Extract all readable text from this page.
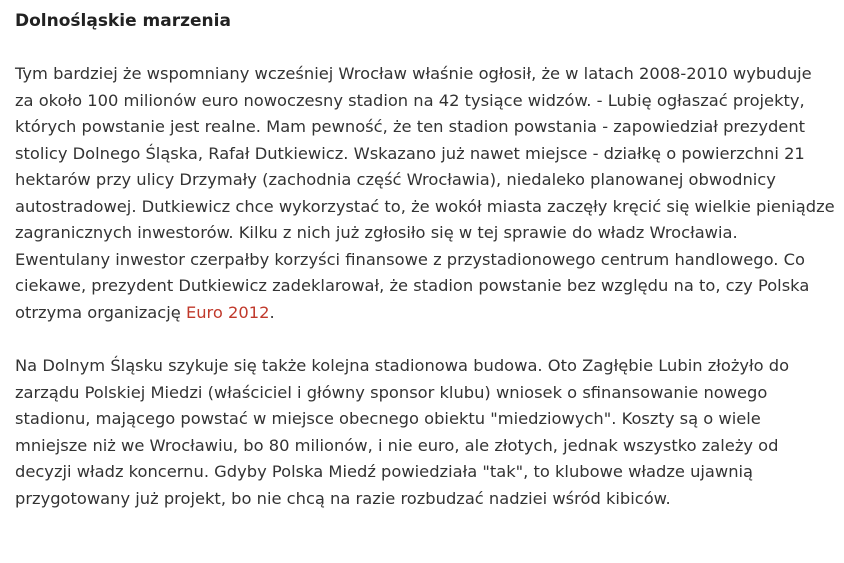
Dolnośląskie marzenia

Tym bardziej że wspomniany wcześniej Wrocław właśnie ogłosił, że w latach 2008-2010 wybuduje
za około 100 milionów euro nowoczesny stadion na 42 tysiące widzów. - Lubię ogłaszać projekty,
których powstanie jest realne. Mam pewność, że ten stadion powstania - zapowiedział prezydent
stolicy Dolnego Śląska, Rafał Dutkiewicz. Wskazano już nawet miejsce - działkę o powierzchni 21
hektarów przy ulicy Drzymały (zachodnia część Wrocławia), niedaleko planowanej obwodnicy
autostradowej. Dutkiewicz chce wykorzystać to, że wokół miasta zaczęły kręcić się wielkie pieniądze
zagranicznych inwestorów. Kilku z nich już zgłosiło się w tej sprawie do władz Wrocławia.
Ewentulany inwestor czerpałby korzyści finansowe z przystadionowego centrum handlowego. Co
ciekawe, prezydent Dutkiewicz zadeklarował, że stadion powstanie bez względu na to, czy Polska
otrzyma organizację Euro 2012.

Na Dolnym Śląsku szykuje się także kolejna stadionowa budowa. Oto Zagłębie Lubin złożyło do
zarządu Polskiej Miedzi (właściciel i główny sponsor klubu) wniosek o sfinansowanie nowego
stadionu, mającego powstać w miejsce obecnego obiektu "miedziowych". Koszty są o wiele
mniejsze niż we Wrocławiu, bo 80 milionów, i nie euro, ale złotych, jednak wszystko zależy od
decyzji władz koncernu. Gdyby Polska Miedź powiedziała "tak", to klubowe władze ujawnią
przygotowany już projekt, bo nie chcą na razie rozbudzać nadziei wśród kibiców.
